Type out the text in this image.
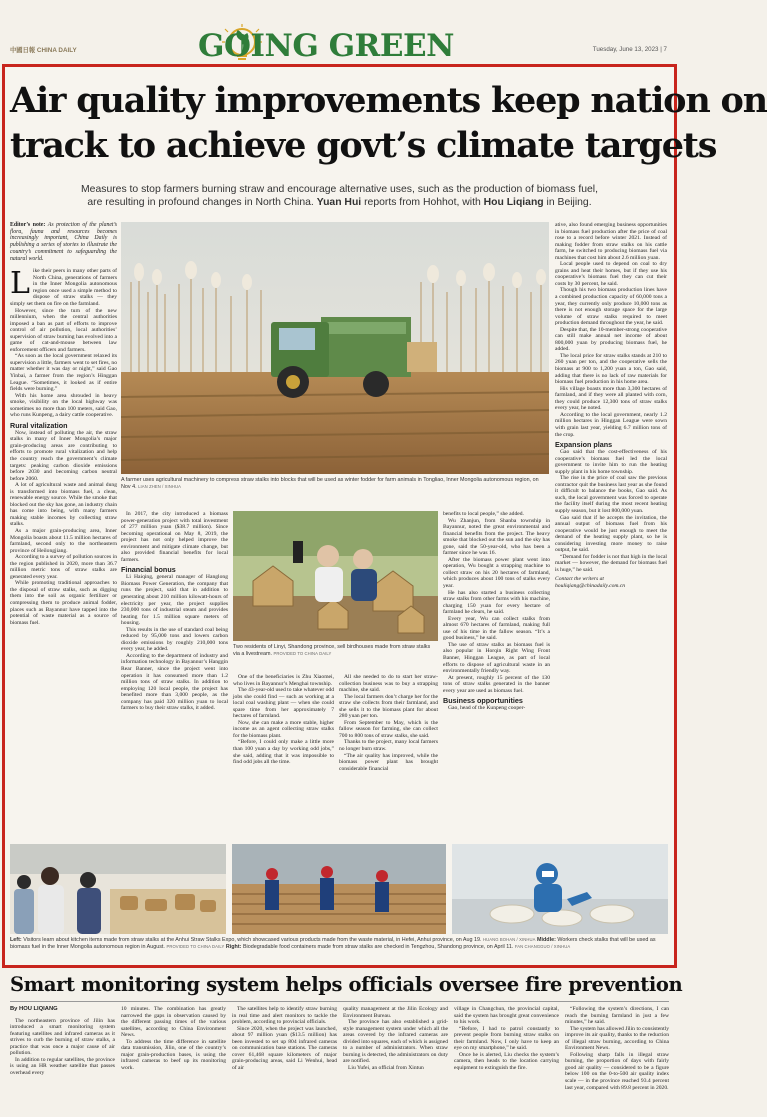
中國日報 CHINA DAILY	GOING GREEN	Tuesday, June 13, 2023 | 7
Air quality improvements keep nation on
track to achieve govt’s climate targets
Measures to stop farmers burning straw and encourage alternative uses, such as the production of biomass fuel,
are resulting in profound changes in North China. Yuan Hui reports from Hohhot, with Hou Liqiang in Beijing.
Editor’s note: As protection of the planet’s flora, fauna and resources becomes increasingly important, China Daily is publishing a series of stories to illustrate the country’s commitment to safeguarding the natural world.
L ike their peers in many other parts of North China, generations of farmers in the Inner Mongolia autonomous region once used a simple method to dispose of straw stalks — they simply set them on fire on the farmland.

However, since the turn of the new millennium, when the central authorities imposed a ban as part of efforts to improve control of air pollution, local authorities’ supervision of straw burning has evolved into a game of cat-and-mouse between law enforcement officers and farmers.

“As soon as the local government relaxed its supervision a little, farmers went to set fires, no matter whether it was day or night,” said Gao Yinbai, a farmer from the region’s Hinggan League. “Sometimes, it looked as if entire fields were burning.”

With his home area shrouded in heavy smoke, visibility on the local highway was sometimes no more than 100 meters, said Gao, who runs Kunpeng, a dairy cattle cooperative.

Rural vitalization

Now, instead of polluting the air, the straw stalks in many of Inner Mongolia’s major grain-producing areas are contributing to efforts to promote rural vitalization and help the country reach the government’s climate targets: peaking carbon dioxide emissions before 2030 and becoming carbon neutral before 2060.

A lot of agricultural waste and animal dung is transformed into biomass fuel, a clean, renewable energy source. While the smoke that blocked out the sky has gone, an industry chain has come into being, with many farmers making stable incomes by collecting straw stalks.

As a major grain-producing area, Inner Mongolia boasts about 11.5 million hectares of farmland, second only to the northeastern province of Heilongjiang.

According to a survey of pollution sources in the region published in 2020, more than 36.7 million metric tons of straw stalks are generated every year.

While promoting traditional approaches to the disposal of straw stalks, such as digging them into the soil as organic fertilizer or compressing them to produce animal fodder, places such as Bayannur have tapped into the potential of waste material as a source of biomass fuel.

A farmer uses agricultural machinery to compress straw stalks into blocks that will be used as winter fodder for farm animals in Tongliao, Inner Mongolia autonomous region, on Nov 4. LIAN ZHEN / XINHUA

ative, also found emerging business opportunities in biomass fuel production after the price of coal rose to a record before winter 2021. Instead of making fodder from straw stalks on his cattle farm, he switched to producing biomass fuel via machines that cost him about 2.6 million yuan.

Local people used to depend on coal to dry grains and heat their homes, but if they use his cooperative’s biomass fuel they can cut their costs by 30 percent, he said.

Though his two biomass production lines have a combined production capacity of 60,000 tons a year, they currently only produce 10,000 tons as there is not enough storage space for the large volume of straw stalks required to meet production demand throughout the year, he said.

Despite that, the 10-member-strong cooperative can still make annual net income of about 800,000 yuan by producing biomass fuel, he added.

The local price for straw stalks stands at 210 to 260 yuan per ton, and the cooperative sells the biomass at 900 to 1,200 yuan a ton, Gao said, adding that there is no lack of raw materials for biomass fuel production in his home area.

His village boasts more than 3,300 hectares of farmland, and if they were all planted with corn, they could produce 12,300 tons of straw stalks every year, he noted.

According to the local government, nearly 1.2 million hectares in Hinggan League were sown with grain last year, yielding 6.7 million tons of the crop.

Expansion plans

Gao said that the cost-effectiveness of his cooperative’s biomass fuel led the local government to invite him to run the heating supply plant in his home township.

The rise in the price of coal saw the previous contractor quit the business last year as she found it difficult to balance the books, Gao said. As such, the local government was forced to operate the facility itself during the most recent heating supply season, but it lost 800,000 yuan.

Gao said that if he accepts the invitation, the annual output of biomass fuel from his cooperative would be just enough to meet the demand of the heating supply plant, so he is considering investing more money to raise output, he said.

“Demand for fodder is not that high in the local market — however, the demand for biomass fuel is huge,” he said.

Contact the writers at
houliqiang@chinadaily.com.cn

In 2017, the city introduced a biomass power-generation project with total investment of 277 million yuan ($38.7 million). Since becoming operational on May 8, 2019, the project has not only helped improve the environment and mitigate climate change, but also provided financial benefits for local farmers.

Financial bonus

Li Haiqing, general manager of Hanglong Biomass Power Generation, the company that runs the project, said that in addition to generating about 210 million kilowatt-hours of electricity per year, the project supplies 230,000 tons of industrial steam and provides heating for 1.5 million square meters of housing.

This results in the use of standard coal being reduced by 95,000 tons and lowers carbon dioxide emissions by roughly 210,000 tons every year, he added.

According to the department of industry and information technology in Bayannur’s Hanggin Rear Banner, since the project went into operation it has consumed more than 1.2 million tons of straw stalks. In addition to employing 120 local people, the project has benefited more than 3,000 people, as the company has paid 320 million yuan to local farmers to buy their straw stalks, it added.

Two residents of Linyi, Shandong province, sell birdhouses made from straw stalks via a livestream. PROVIDED TO CHINA DAILY

benefits to local people,” she added.

Wu Zhanjun, from Shanba township in Bayannur, noted the great environmental and financial benefits from the project. The heavy smoke that blocked out the sun and the sky has gone, said the 50-year-old, who has been a farmer since he was 16.

After the biomass power plant went into operation, Wu bought a strapping machine to collect straw on his 20 hectares of farmland, which produces about 100 tons of stalks every year.

He has also started a business collecting straw stalks from other farms with his machine, charging 150 yuan for every hectare of farmland he clears, he said.

Every year, Wu can collect stalks from almost 670 hectares of farmland, making full use of his time in the fallow season. “It’s a good business,” he said.

The use of straw stalks as biomass fuel is also popular in Horqin Right Wing Front Banner, Hinggan League, as part of local efforts to dispose of agricultural waste in an environmentally friendly way.

At present, roughly 15 percent of the 130 tons of straw stalks generated in the banner every year are used as biomass fuel.

Business opportunities

Gao, head of the Kunpeng cooper-

One of the beneficiaries is Zhu Xiaomei, who lives in Bayannur’s Menghai township.

The 43-year-old used to take whatever odd jobs she could find — such as working at a local coal washing plant — when she could spare time from her approximately 7 hectares of farmland.

Now, she can make a more stable, higher income as an agent collecting straw stalks for the biomass plant.

“Before, I could only make a little more than 100 yuan a day by working odd jobs,” she said, adding that it was impossible to find odd jobs all the time.

All she needed to do to start her straw-collection business was to buy a strapping machine, she said.

The local farmers don’t charge her for the straw she collects from their farmland, and she sells it to the biomass plant for about 280 yuan per ton.

From September to May, which is the fallow season for farming, she can collect 700 to 800 tons of straw stalks, she said.

Thanks to the project, many local farmers no longer burn straw.

“The air quality has improved, while the biomass power plant has brought considerable financial

Left: Visitors learn about kitchen items made from straw stalks at the Anhui Straw Stalks Expo, which showcased various products made from the waste material, in Hefei, Anhui province, on Aug 19. HUANG BOHAN / XINHUA Middle: Workers check stalks that will be used as biomass fuel in the Inner Mongolia autonomous region in August. PROVIDED TO CHINA DAILY Right: Biodegradable food containers made from straw stalks are checked in Tengzhou, Shandong province, on April 11. FAN CHANGGUO / XINHUA
Smart monitoring system helps officials oversee fire prevention
By HOU LIQIANG

The northeastern province of Jilin has introduced a smart monitoring system featuring satellites and infrared cameras as it strives to curb the burning of straw stalks, a practice that was once a major cause of air pollution.

In addition to regular satellites, the province is using an HR weather satellite that passes overhead every

10 minutes. The combination has greatly narrowed the gaps in observation caused by the different passing times of the various satellites, according to China Environment News.

To address the time difference in satellite data transmission, Jilin, one of the country’s major grain-production bases, is using the infrared cameras to beef up its monitoring work.

The satellites help to identify straw burning in real time and alert monitors to tackle the problem, according to provincial officials.

Since 2020, when the project was launched, about 97 million yuan ($13.5 million) has been invested to set up 804 infrared cameras on communication base stations. The cameras cover 61,468 square kilometers of major grain-producing areas, said Li Wenhui, head of air

quality management at the Jilin Ecology and Environment Bureau.

The province has also established a grid-style management system under which all the areas covered by the infrared cameras are divided into squares, each of which is assigned to a number of administrators. When straw burning is detected, the administrators on duty are notified.

Liu Yufei, an official from Xintun

village in Changchun, the provincial capital, said the system has brought great convenience to his work.

“Before, I had to patrol constantly to prevent people from burning straw stalks on their farmland. Now, I only have to keep an eye on my smartphone,” he said.

Once he is alerted, Liu checks the system’s camera, then heads to the location carrying equipment to extinguish the fire.

“Following the system’s directions, I can reach the burning farmland in just a few minutes,” he said.

The system has allowed Jilin to consistently improve its air quality, thanks to the reduction of illegal straw burning, according to China Environment News.

Following sharp falls in illegal straw burning, the proportion of days with fairly good air quality — considered to be a figure below 100 on the 0-to-500 air quality index scale — in the province reached 93.4 percent last year, compared with 89.8 percent in 2020.
